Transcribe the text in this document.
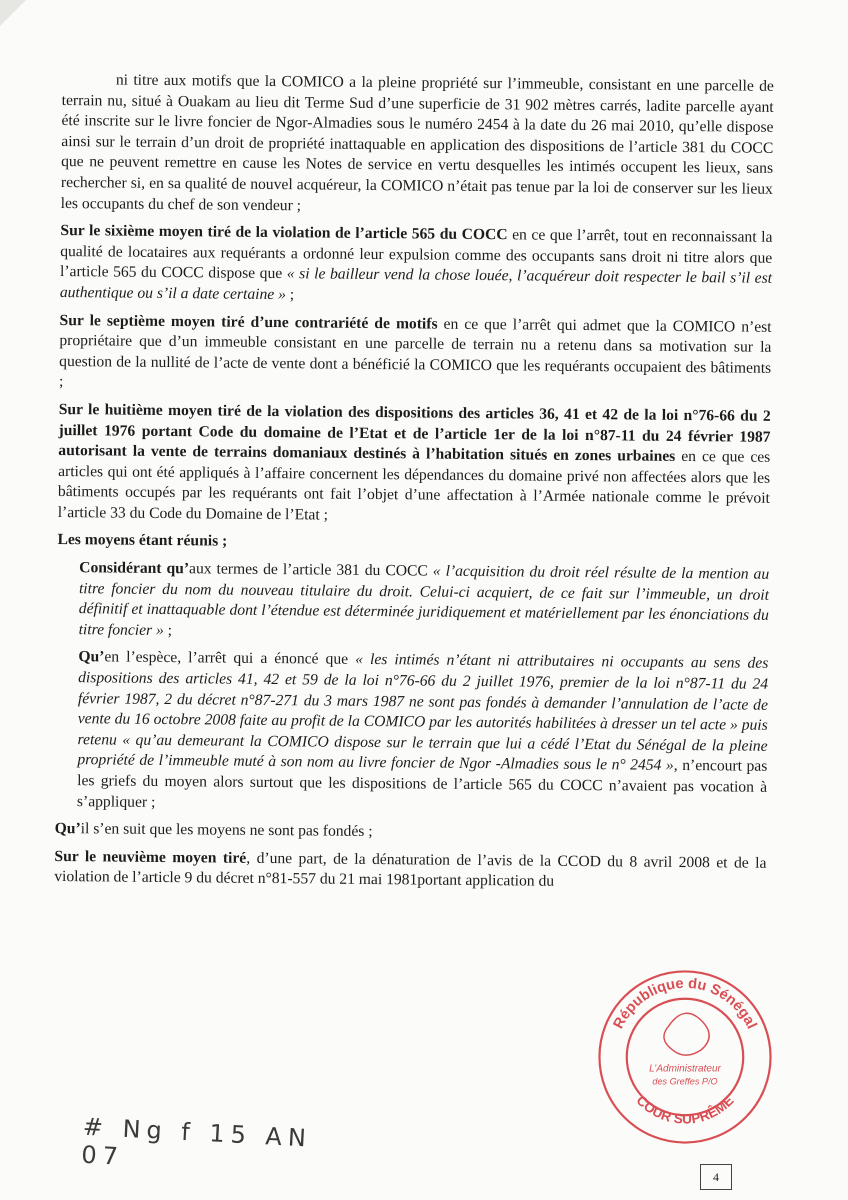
ni titre aux motifs que la COMICO a la pleine propriété sur l’immeuble, consistant en une parcelle de terrain nu, situé à Ouakam au lieu dit Terme Sud d’une superficie de 31 902 mètres carrés, ladite parcelle ayant été inscrite sur le livre foncier de Ngor-Almadies sous le numéro 2454 à la date du 26 mai 2010, qu’elle dispose ainsi sur le terrain d’un droit de propriété inattaquable en application des dispositions de l’article 381 du COCC que ne peuvent remettre en cause les Notes de service en vertu desquelles les intimés occupent les lieux, sans rechercher si, en sa qualité de nouvel acquéreur, la COMICO n’était pas tenue par la loi de conserver sur les lieux les occupants du chef de son vendeur ;

Sur le sixième moyen tiré de la violation de l’article 565 du COCC en ce que l’arrêt, tout en reconnaissant la qualité de locataires aux requérants a ordonné leur expulsion comme des occupants sans droit ni titre alors que l’article 565 du COCC dispose que « si le bailleur vend la chose louée, l’acquéreur doit respecter le bail s’il est authentique ou s’il a date certaine » ;

Sur le septième moyen tiré d’une contrariété de motifs en ce que l’arrêt qui admet que la COMICO n’est propriétaire que d’un immeuble consistant en une parcelle de terrain nu a retenu dans sa motivation sur la question de la nullité de l’acte de vente dont a bénéficié la COMICO que les requérants occupaient des bâtiments ;

Sur le huitième moyen tiré de la violation des dispositions des articles 36, 41 et 42 de la loi n°76-66 du 2 juillet 1976 portant Code du domaine de l’Etat et de l’article 1er de la loi n°87-11 du 24 février 1987 autorisant la vente de terrains domaniaux destinés à l’habitation situés en zones urbaines en ce que ces articles qui ont été appliqués à l’affaire concernent les dépendances du domaine privé non affectées alors que les bâtiments occupés par les requérants ont fait l’objet d’une affectation à l’Armée nationale comme le prévoit l’article 33 du Code du Domaine de l’Etat ;

Les moyens étant réunis ;

Considérant qu’aux termes de l’article 381 du COCC « l’acquisition du droit réel résulte de la mention au titre foncier du nom du nouveau titulaire du droit. Celui-ci acquiert, de ce fait sur l’immeuble, un droit définitif et inattaquable dont l’étendue est déterminée juridiquement et matériellement par les énonciations du titre foncier » ;

Qu’en l’espèce, l’arrêt qui a énoncé que « les intimés n’étant ni attributaires ni occupants au sens des dispositions des articles 41, 42 et 59 de la loi n°76-66 du 2 juillet 1976, premier de la loi n°87-11 du 24 février 1987, 2 du décret n°87-271 du 3 mars 1987 ne sont pas fondés à demander l’annulation de l’acte de vente du 16 octobre 2008 faite au profit de la COMICO par les autorités habilitées à dresser un tel acte » puis retenu « qu’au demeurant la COMICO dispose sur le terrain que lui a cédé l’Etat du Sénégal de la pleine propriété de l’immeuble muté à son nom au livre foncier de Ngor -Almadies sous le n° 2454 », n’encourt pas les griefs du moyen alors surtout que les dispositions de l’article 565 du COCC n’avaient pas vocation à s’appliquer ;

Qu’il s’en suit que les moyens ne sont pas fondés ;

Sur le neuvième moyen tiré, d’une part, de la dénaturation de l’avis de la CCOD du 8 avril 2008 et de la violation de l’article 9 du décret n°81-557 du 21 mai 1981portant application du

# Ng f 15 AN 07
4
République du Sénégal
COUR SUPRÊME
L’Administrateur
des Greffes P/O
